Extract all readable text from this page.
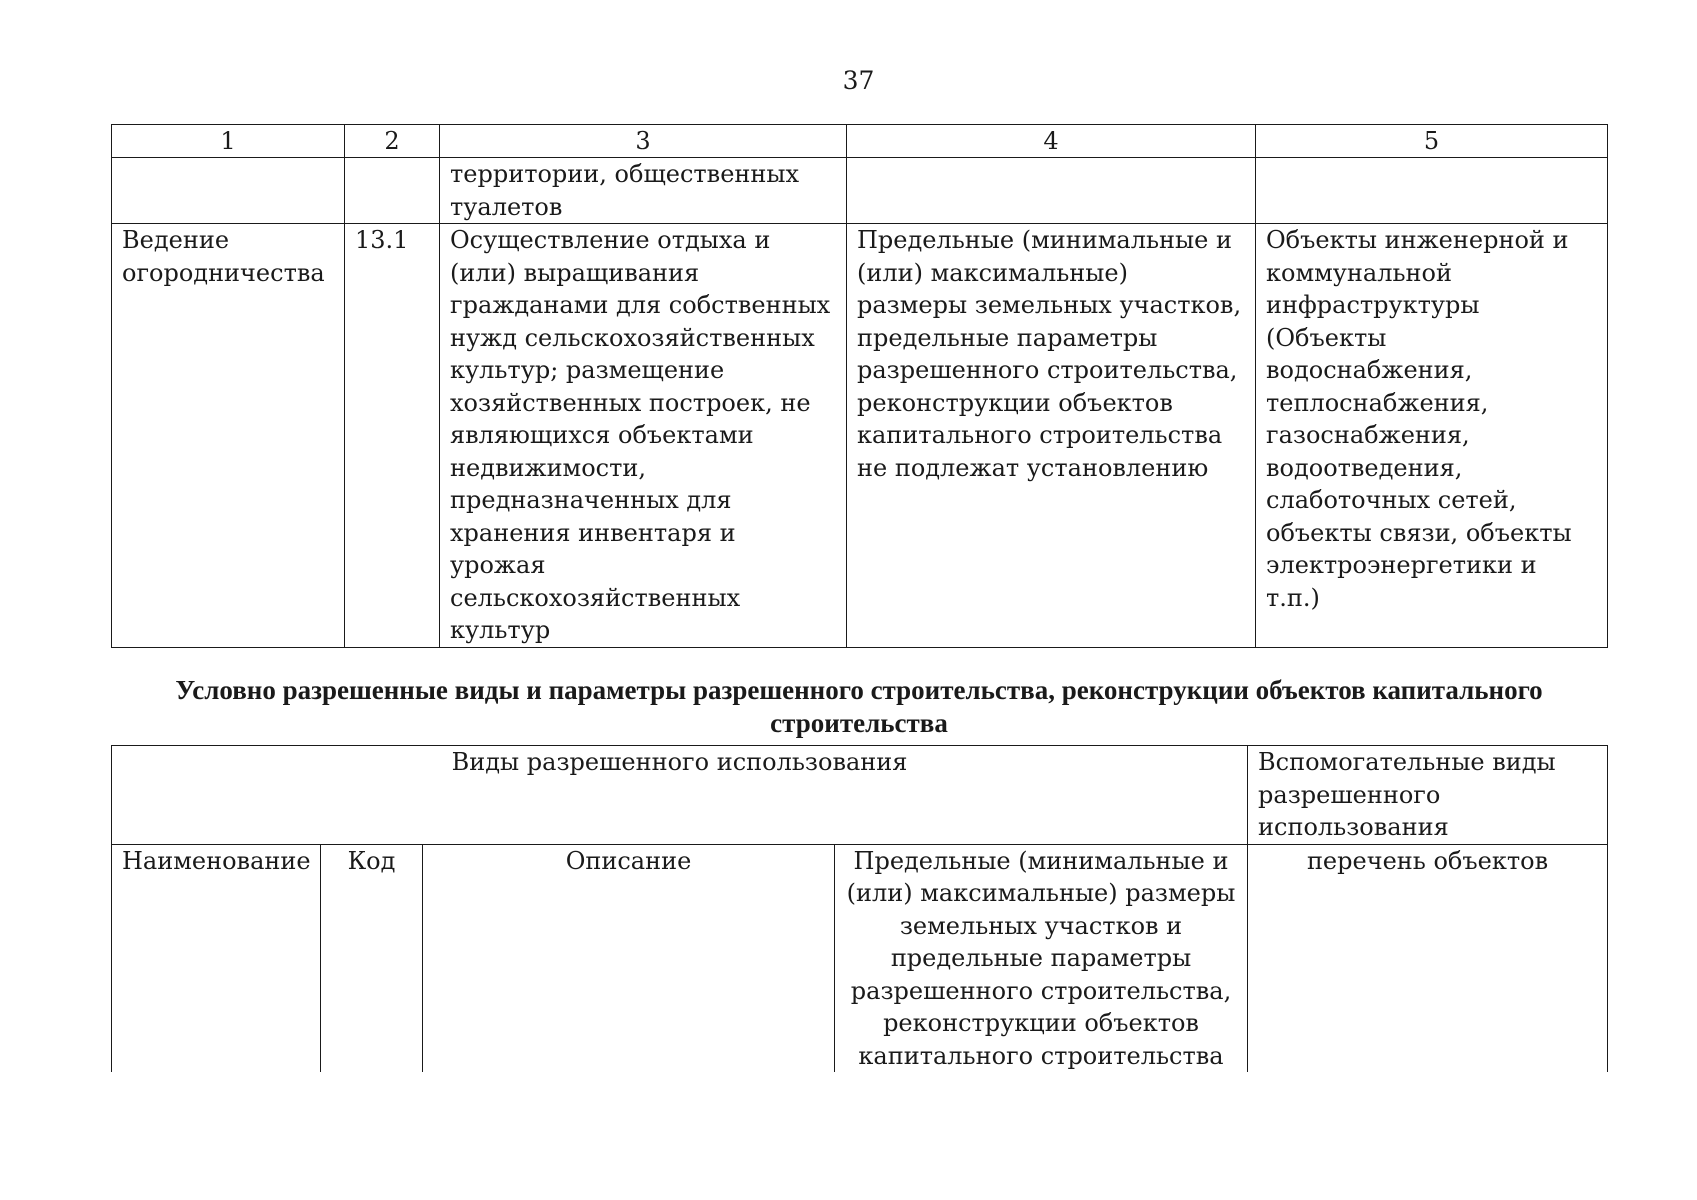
37
1	2	3	4	5
		территории, общественных туалетов		
Ведение огородничества	13.1	Осуществление отдыха и (или) выращивания гражданами для собственных нужд сельскохозяйственных культур; размещение хозяйственных построек, не являющихся объектами недвижимости, предназначенных для хранения инвентаря и урожая сельскохозяйственных культур	Предельные (минимальные и (или) максимальные) размеры земельных участков, предельные параметры разрешенного строительства, реконструкции объектов капитального строительства не подлежат установлению	Объекты инженерной и коммунальной инфраструктуры (Объекты водоснабжения, теплоснабжения, газоснабжения, водоотведения, слаботочных сетей, объекты связи, объекты электроэнергетики и т.п.)
Условно разрешенные виды и параметры разрешенного строительства, реконструкции объектов капитального строительства
Виды разрешенного использования				Вспомогательные виды разрешенного использования
Наименование	Код	Описание	Предельные (минимальные и (или) максимальные) размеры земельных участков и предельные параметры разрешенного строительства, реконструкции объектов капитального строительства	перечень объектов
